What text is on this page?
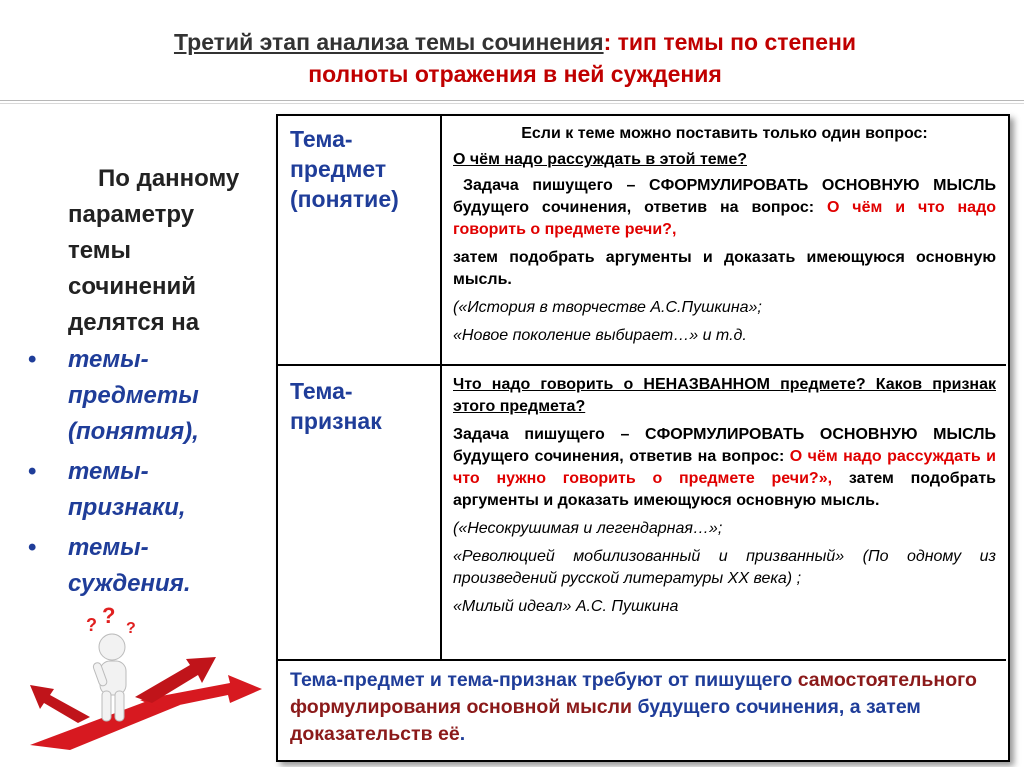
Третий этап анализа темы сочинения: тип темы по степени
полноты отражения в ней суждения
По данному
параметру
темы
сочинений
делятся на
• темы-
предметы
(понятия),
• темы-
признаки,
• темы-
суждения.
Тема-
предмет
(понятие)
Тема-
признак
Если к теме можно поставить только один вопрос:
О чём надо рассуждать в этой теме?
Задача пишущего – СФОРМУЛИРОВАТЬ ОСНОВНУЮ МЫСЛЬ будущего сочинения, ответив на вопрос: О чём и что надо говорить о предмете речи?,
затем подобрать аргументы и доказать имеющуюся основную мысль.
(«История в творчестве А.С.Пушкина»;
«Новое поколение выбирает…» и т.д.
Что надо говорить о НЕНАЗВАННОМ предмете? Каков признак этого предмета?
Задача пишущего – СФОРМУЛИРОВАТЬ ОСНОВНУЮ МЫСЛЬ будущего сочинения, ответив на вопрос: О чём надо рассуждать и что нужно говорить о предмете речи?», затем подобрать аргументы и доказать имеющуюся основную мысль.
(«Несокрушимая и легендарная…»;
«Революцией мобилизованный и призванный» (По одному из произведений русской литературы XX века) ;
«Милый идеал» А.С. Пушкина
Тема-предмет и тема-признак требуют от пишущего самостоятельного формулирования основной мысли будущего сочинения, а затем доказательств её.
? ?
?
